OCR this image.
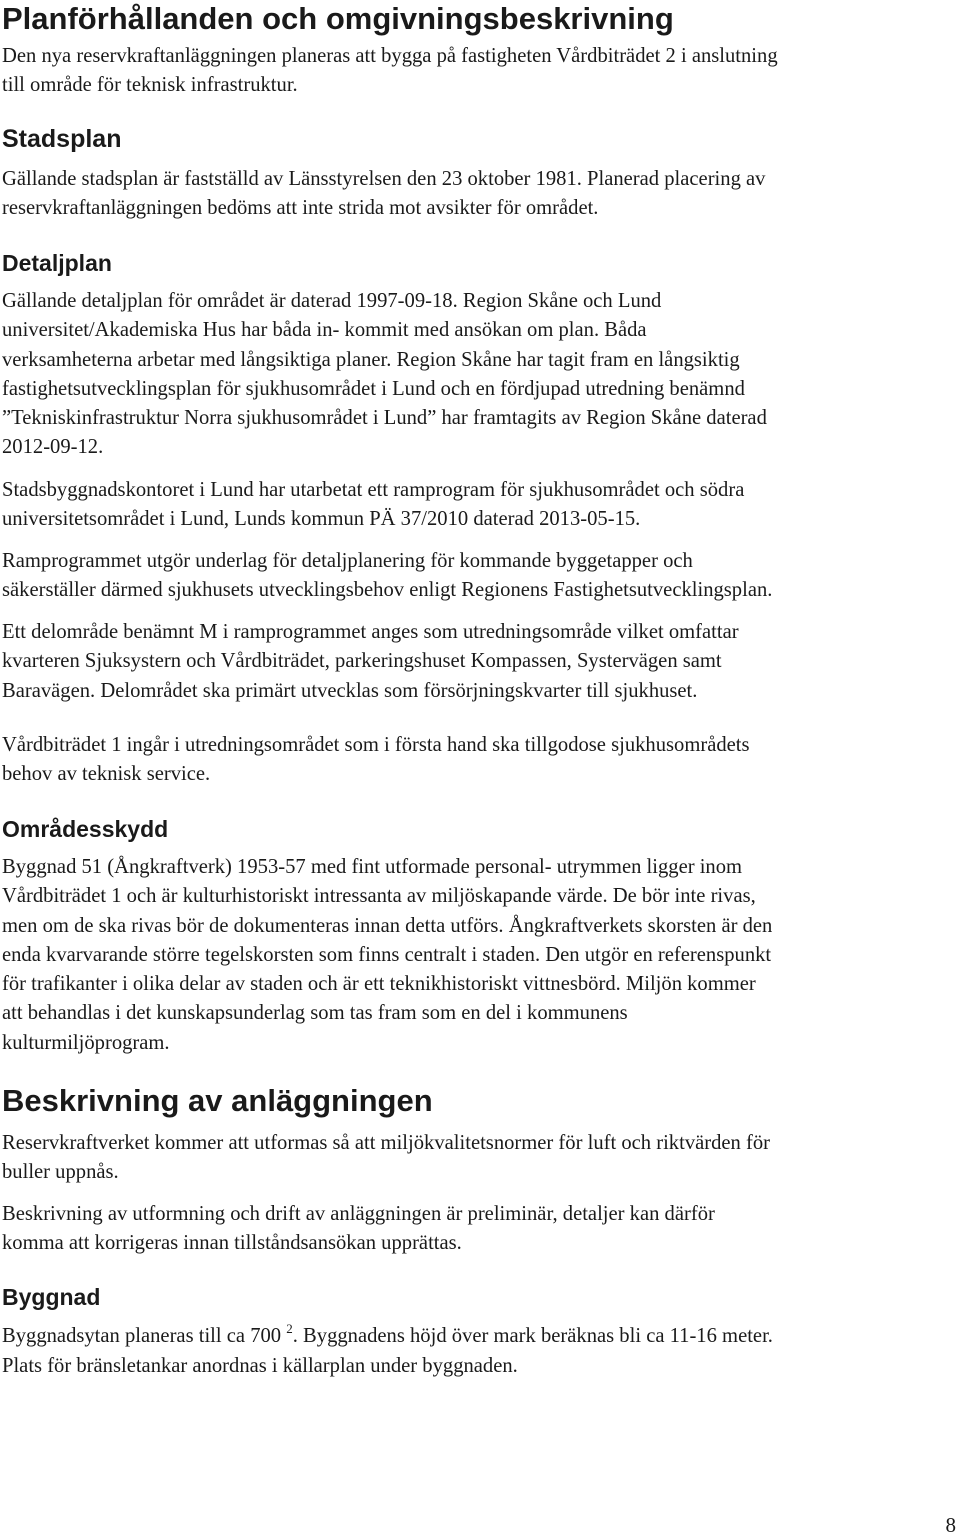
Planförhållanden och omgivningsbeskrivning
Den nya reservkraftanläggningen planeras att bygga på fastigheten Vårdbiträdet 2 i anslutning
till område för teknisk infrastruktur.
Stadsplan
Gällande stadsplan är fastställd av Länsstyrelsen den 23 oktober 1981. Planerad placering av
reservkraftanläggningen bedöms att inte strida mot avsikter för området.
Detaljplan
Gällande detaljplan för området är daterad 1997-09-18. Region Skåne och Lund
universitet/Akademiska Hus har båda in- kommit med ansökan om plan. Båda
verksamheterna arbetar med långsiktiga planer. Region Skåne har tagit fram en långsiktig
fastighetsutvecklingsplan för sjukhusområdet i Lund och en fördjupad utredning benämnd
”Tekniskinfrastruktur Norra sjukhusområdet i Lund” har framtagits av Region Skåne daterad
2012-09-12.
Stadsbyggnadskontoret i Lund har utarbetat ett ramprogram för sjukhusområdet och södra
universitetsområdet i Lund, Lunds kommun PÄ 37/2010 daterad 2013-05-15.
Ramprogrammet utgör underlag för detaljplanering för kommande byggetapper och
säkerställer därmed sjukhusets utvecklingsbehov enligt Regionens Fastighetsutvecklingsplan.
Ett delområde benämnt M i ramprogrammet anges som utredningsområde vilket omfattar
kvarteren Sjuksystern och Vårdbiträdet, parkeringshuset Kompassen, Systervägen samt
Baravägen. Delområdet ska primärt utvecklas som försörjningskvarter till sjukhuset.
Vårdbiträdet 1 ingår i utredningsområdet som i första hand ska tillgodose sjukhusområdets
behov av teknisk service.
Områdesskydd
Byggnad 51 (Ångkraftverk) 1953-57 med fint utformade personal- utrymmen ligger inom
Vårdbiträdet 1 och är kulturhistoriskt intressanta av miljöskapande värde. De bör inte rivas,
men om de ska rivas bör de dokumenteras innan detta utförs. Ångkraftverkets skorsten är den
enda kvarvarande större tegelskorsten som finns centralt i staden. Den utgör en referenspunkt
för trafikanter i olika delar av staden och är ett teknikhistoriskt vittnesbörd. Miljön kommer
att behandlas i det kunskapsunderlag som tas fram som en del i kommunens
kulturmiljöprogram.
Beskrivning av anläggningen
Reservkraftverket kommer att utformas så att miljökvalitetsnormer för luft och riktvärden för
buller uppnås.
Beskrivning av utformning och drift av anläggningen är preliminär, detaljer kan därför
komma att korrigeras innan tillståndsansökan upprättas.
Byggnad
Byggnadsytan planeras till ca 700 $^2$. Byggnadens höjd över mark beräknas bli ca 11-16 meter.
Plats för bränsletankar anordnas i källarplan under byggnaden.
8
